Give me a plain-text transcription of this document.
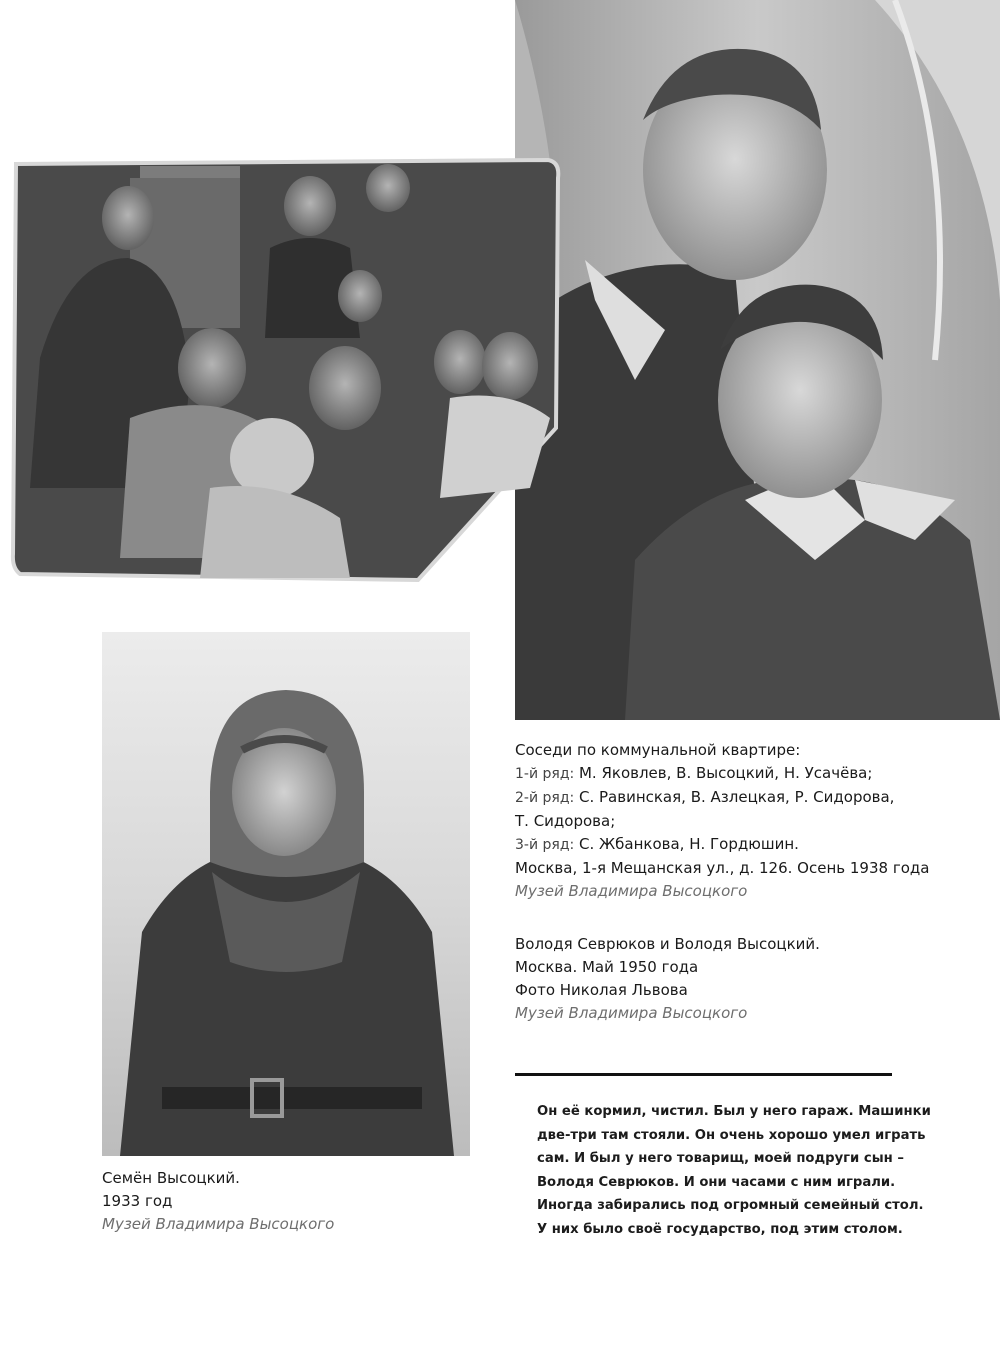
Соседи по коммунальной квартире:
1-й ряд: М. Яковлев, В. Высоцкий, Н. Усачёва;
2-й ряд: С. Равинская, В. Азлецкая, Р. Сидорова,
Т. Сидорова;
3-й ряд: С. Жбанкова, Н. Гордюшин.
Москва, 1-я Мещанская ул., д. 126. Осень 1938 года
Музей Владимира Высоцкого
Володя Севрюков и Володя Высоцкий.
Москва. Май 1950 года
Фото Николая Львова
Музей Владимира Высоцкого
Семён Высоцкий.
1933 год
Музей Владимира Высоцкого
Он её кормил, чистил. Был у него гараж. Машинки
две-три там стояли. Он очень хорошо умел играть
сам. И был у него товарищ, моей подруги сын –
Володя Севрюков. И они часами с ним играли.
Иногда забирались под огромный семейный стол.
У них было своё государство, под этим столом.
